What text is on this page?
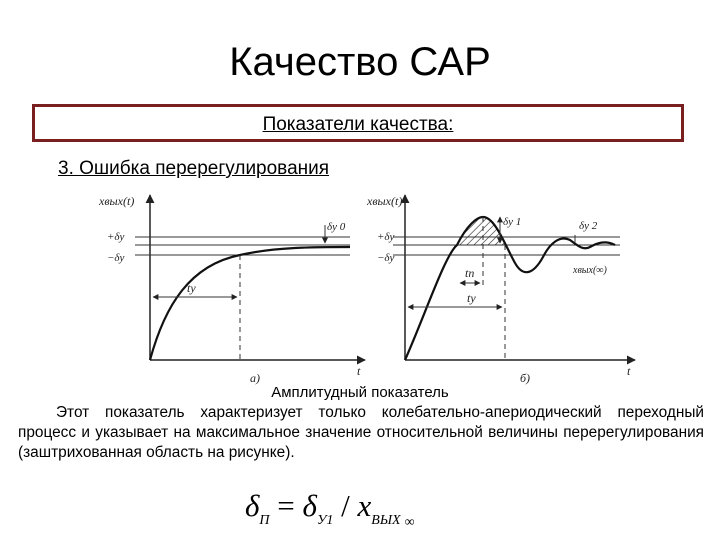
Качество САР
Показатели качества:
3. Ошибка перерегулирования
xвых(t)
+δy
−δy
δy 0
ty
t
a)
xвых(t)
+δy
−δy
δy 1	δy 2
xвых(∞)
tп
ty
t
б)
Амплитудный показатель

Этот показатель характеризует только колебательно-апериодический переходный процесс и указывает на максимальное значение относительной величины перерегулирования (заштрихованная область на рисунке).

$\delta_П = \delta_{У1} / x_{ВЫХ}$ $_\infty$
